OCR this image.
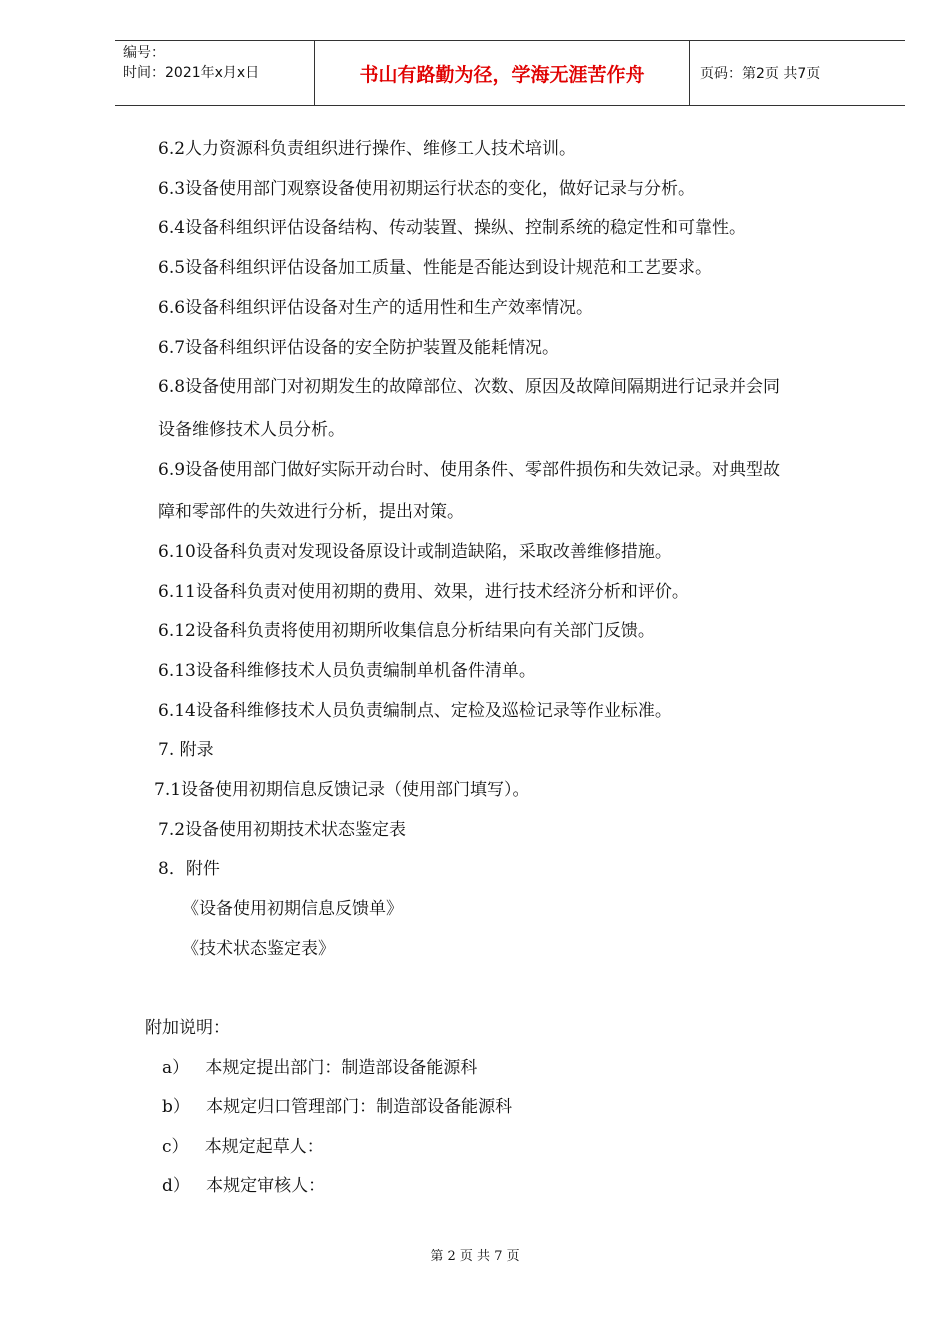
编号：
时间：2021年x月x日	书山有路勤为径，学海无涯苦作舟	页码：第2页 共7页
6.2人力资源科负责组织进行操作、维修工人技术培训。
6.3设备使用部门观察设备使用初期运行状态的变化，做好记录与分析。
6.4设备科组织评估设备结构、传动装置、操纵、控制系统的稳定性和可靠性。
6.5设备科组织评估设备加工质量、性能是否能达到设计规范和工艺要求。
6.6设备科组织评估设备对生产的适用性和生产效率情况。
6.7设备科组织评估设备的安全防护装置及能耗情况。
6.8设备使用部门对初期发生的故障部位、次数、原因及故障间隔期进行记录并会同
设备维修技术人员分析。
6.9设备使用部门做好实际开动台时、使用条件、零部件损伤和失效记录。对典型故
障和零部件的失效进行分析，提出对策。
6.10设备科负责对发现设备原设计或制造缺陷，采取改善维修措施。
6.11设备科负责对使用初期的费用、效果，进行技术经济分析和评价。
6.12设备科负责将使用初期所收集信息分析结果向有关部门反馈。
6.13设备科维修技术人员负责编制单机备件清单。
6.14设备科维修技术人员负责编制点、定检及巡检记录等作业标准。
7. 附录
7.1设备使用初期信息反馈记录（使用部门填写）。
7.2设备使用初期技术状态鉴定表
8．附件
《设备使用初期信息反馈单》
《技术状态鉴定表》
附加说明：
a）   本规定提出部门：制造部设备能源科
b）   本规定归口管理部门：制造部设备能源科
c）   本规定起草人：
d）   本规定审核人：
第 2 页 共 7 页
